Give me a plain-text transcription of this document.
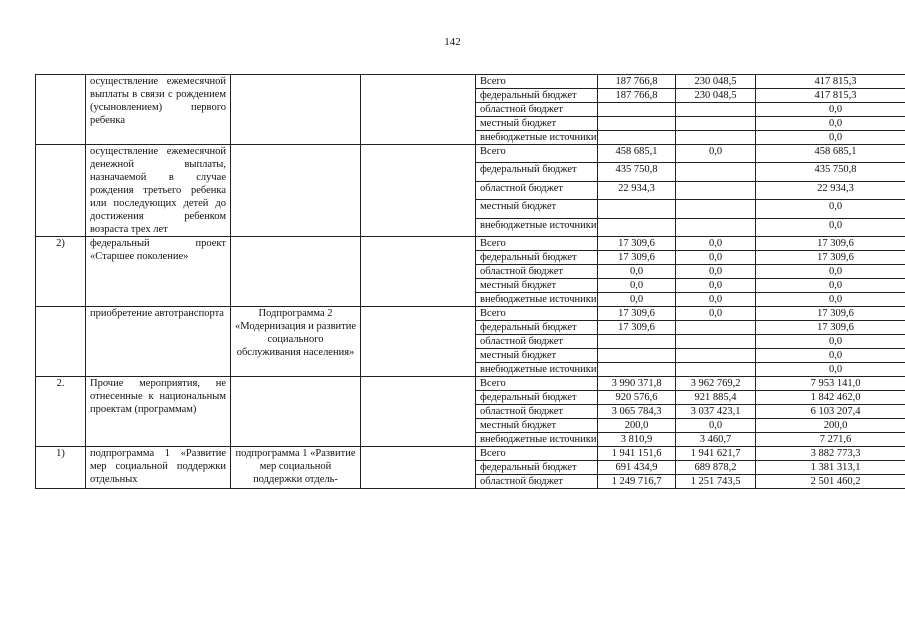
142
	осуществление ежемесячной выплаты в связи с рождением (усыновлением) первого ребенка			Всего	187 766,8	230 048,5	417 815,3
				федеральный бюджет	187 766,8	230 048,5	417 815,3
				областной бюджет			0,0
				местный бюджет			0,0
				внебюджетные источники			0,0
	осуществление ежемесячной денежной выплаты, назначаемой в случае рождения третьего ребенка или последующих детей до достижения ребенком возраста трех лет			Всего	458 685,1	0,0	458 685,1
				федеральный бюджет	435 750,8		435 750,8
				областной бюджет	22 934,3		22 934,3
				местный бюджет			0,0
				внебюджетные источники			0,0
2)	федеральный проект «Старшее поколение»			Всего	17 309,6	0,0	17 309,6
				федеральный бюджет	17 309,6	0,0	17 309,6
				областной бюджет	0,0	0,0	0,0
				местный бюджет	0,0	0,0	0,0
				внебюджетные источники	0,0	0,0	0,0
	приобретение автотранспорта	Подпрограмма 2 «Модернизация и развитие социального обслуживания населения»		Всего	17 309,6	0,0	17 309,6
				федеральный бюджет	17 309,6		17 309,6
				областной бюджет			0,0
				местный бюджет			0,0
				внебюджетные источники			0,0
2.	Прочие мероприятия, не отнесенные к национальным проектам (программам)			Всего	3 990 371,8	3 962 769,2	7 953 141,0
				федеральный бюджет	920 576,6	921 885,4	1 842 462,0
				областной бюджет	3 065 784,3	3 037 423,1	6 103 207,4
				местный бюджет	200,0	0,0	200,0
				внебюджетные источники	3 810,9	3 460,7	7 271,6
1)	подпрограмма 1 «Развитие мер социальной поддержки отдельных	подпрограмма 1 «Развитие мер социальной поддержки отдель-		Всего	1 941 151,6	1 941 621,7	3 882 773,3
				федеральный бюджет	691 434,9	689 878,2	1 381 313,1
				областной бюджет	1 249 716,7	1 251 743,5	2 501 460,2
